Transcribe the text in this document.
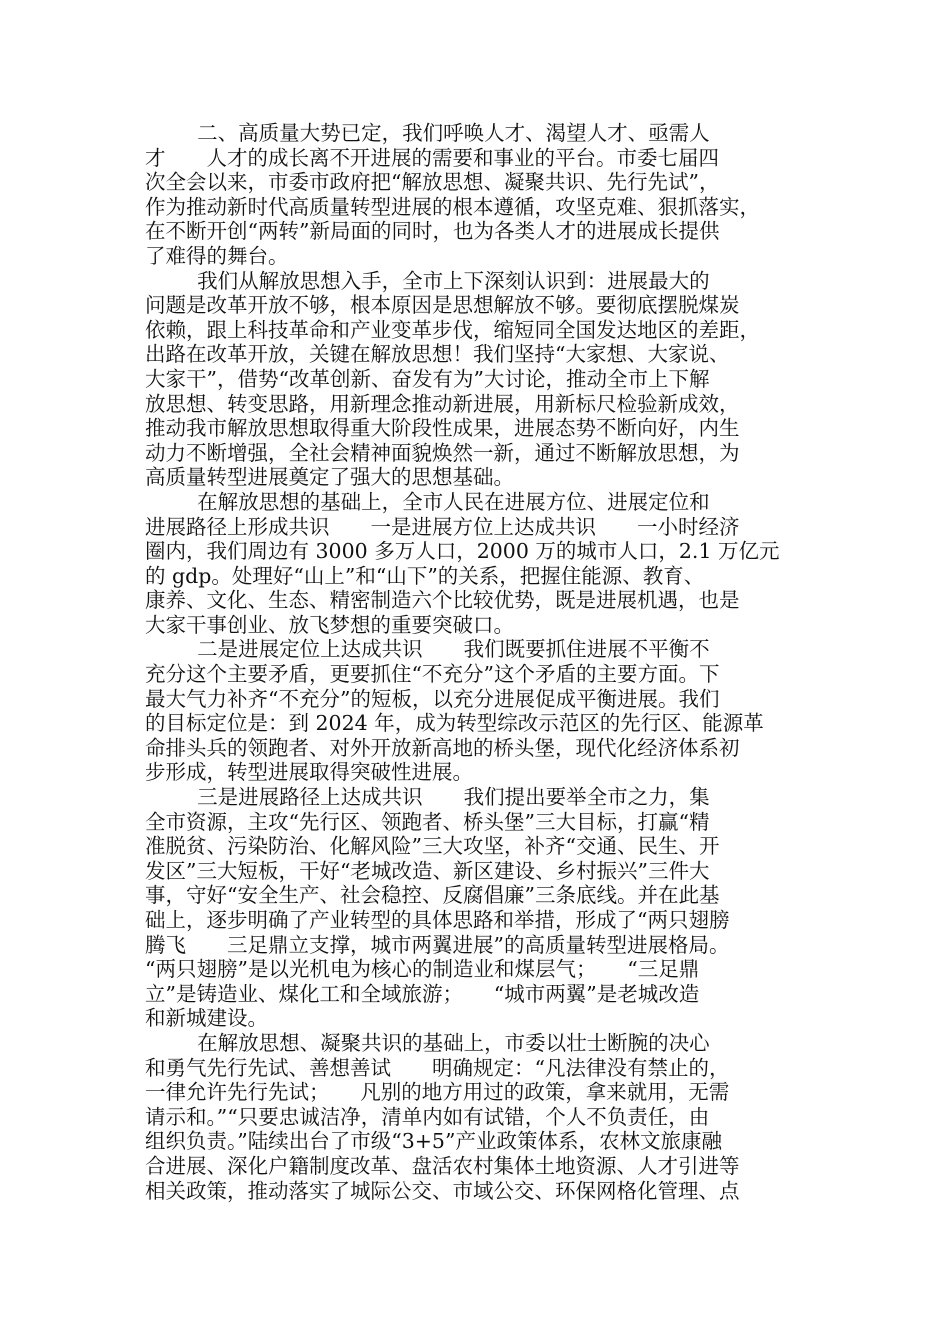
二、高质量大势已定，我们呼唤人才、渴望人才、亟需人
才　　人才的成长离不开进展的需要和事业的平台。市委七届四
次全会以来，市委市政府把“解放思想、凝聚共识、先行先试”，
作为推动新时代高质量转型进展的根本遵循，攻坚克难、狠抓落实，
在不断开创“两转”新局面的同时，也为各类人才的进展成长提供
了难得的舞台。
我们从解放思想入手，全市上下深刻认识到：进展最大的
问题是改革开放不够，根本原因是思想解放不够。要彻底摆脱煤炭
依赖，跟上科技革命和产业变革步伐，缩短同全国发达地区的差距，
出路在改革开放，关键在解放思想！我们坚持“大家想、大家说、
大家干”，借势“改革创新、奋发有为”大讨论，推动全市上下解
放思想、转变思路，用新理念推动新进展，用新标尺检验新成效，
推动我市解放思想取得重大阶段性成果，进展态势不断向好，内生
动力不断增强，全社会精神面貌焕然一新，通过不断解放思想，为
高质量转型进展奠定了强大的思想基础。
在解放思想的基础上，全市人民在进展方位、进展定位和
进展路径上形成共识　　一是进展方位上达成共识　　一小时经济
圈内，我们周边有 3000 多万人口，2000 万的城市人口，2.1 万亿元
的 gdp。处理好“山上”和“山下”的关系，把握住能源、教育、
康养、文化、生态、精密制造六个比较优势，既是进展机遇，也是
大家干事创业、放飞梦想的重要突破口。
二是进展定位上达成共识　　我们既要抓住进展不平衡不
充分这个主要矛盾，更要抓住“不充分”这个矛盾的主要方面。下
最大气力补齐“不充分”的短板，以充分进展促成平衡进展。我们
的目标定位是：到 2024 年，成为转型综改示范区的先行区、能源革
命排头兵的领跑者、对外开放新高地的桥头堡，现代化经济体系初
步形成，转型进展取得突破性进展。
三是进展路径上达成共识　　我们提出要举全市之力，集
全市资源，主攻“先行区、领跑者、桥头堡”三大目标，打赢“精
准脱贫、污染防治、化解风险”三大攻坚，补齐“交通、民生、开
发区”三大短板，干好“老城改造、新区建设、乡村振兴”三件大
事，守好“安全生产、社会稳控、反腐倡廉”三条底线。并在此基
础上，逐步明确了产业转型的具体思路和举措，形成了“两只翅膀
腾飞　　三足鼎立支撑，城市两翼进展”的高质量转型进展格局。
“两只翅膀”是以光机电为核心的制造业和煤层气；　　“三足鼎
立”是铸造业、煤化工和全域旅游；　　“城市两翼”是老城改造
和新城建设。
在解放思想、凝聚共识的基础上，市委以壮士断腕的决心
和勇气先行先试、善想善试　　明确规定：“凡法律没有禁止的，
一律允许先行先试；　　凡别的地方用过的政策，拿来就用，无需
请示和。”“只要忠诚洁净，清单内如有试错，个人不负责任，由
组织负责。”陆续出台了市级“3+5”产业政策体系，农林文旅康融
合进展、深化户籍制度改革、盘活农村集体土地资源、人才引进等
相关政策，推动落实了城际公交、市域公交、环保网格化管理、点
